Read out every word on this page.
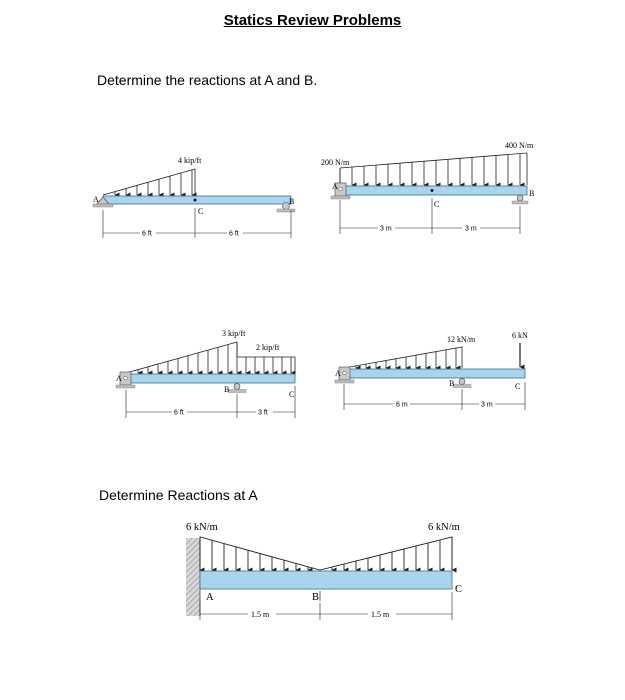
Statics Review Problems
Determine the reactions at A and B.
Determine Reactions at A
4 kip/ft
A	B
C
6 ft	6 ft
200 N/m
400 N/m
A
B
C
3 m	3 m
3 kip/ft
2 kip/ft
A
B
C
6 ft	3 ft
12 kN/m	6 kN
A
B	C
6 m	3 m
6 kN/m	6 kN/m
A	B
C
1.5 m	1.5 m
